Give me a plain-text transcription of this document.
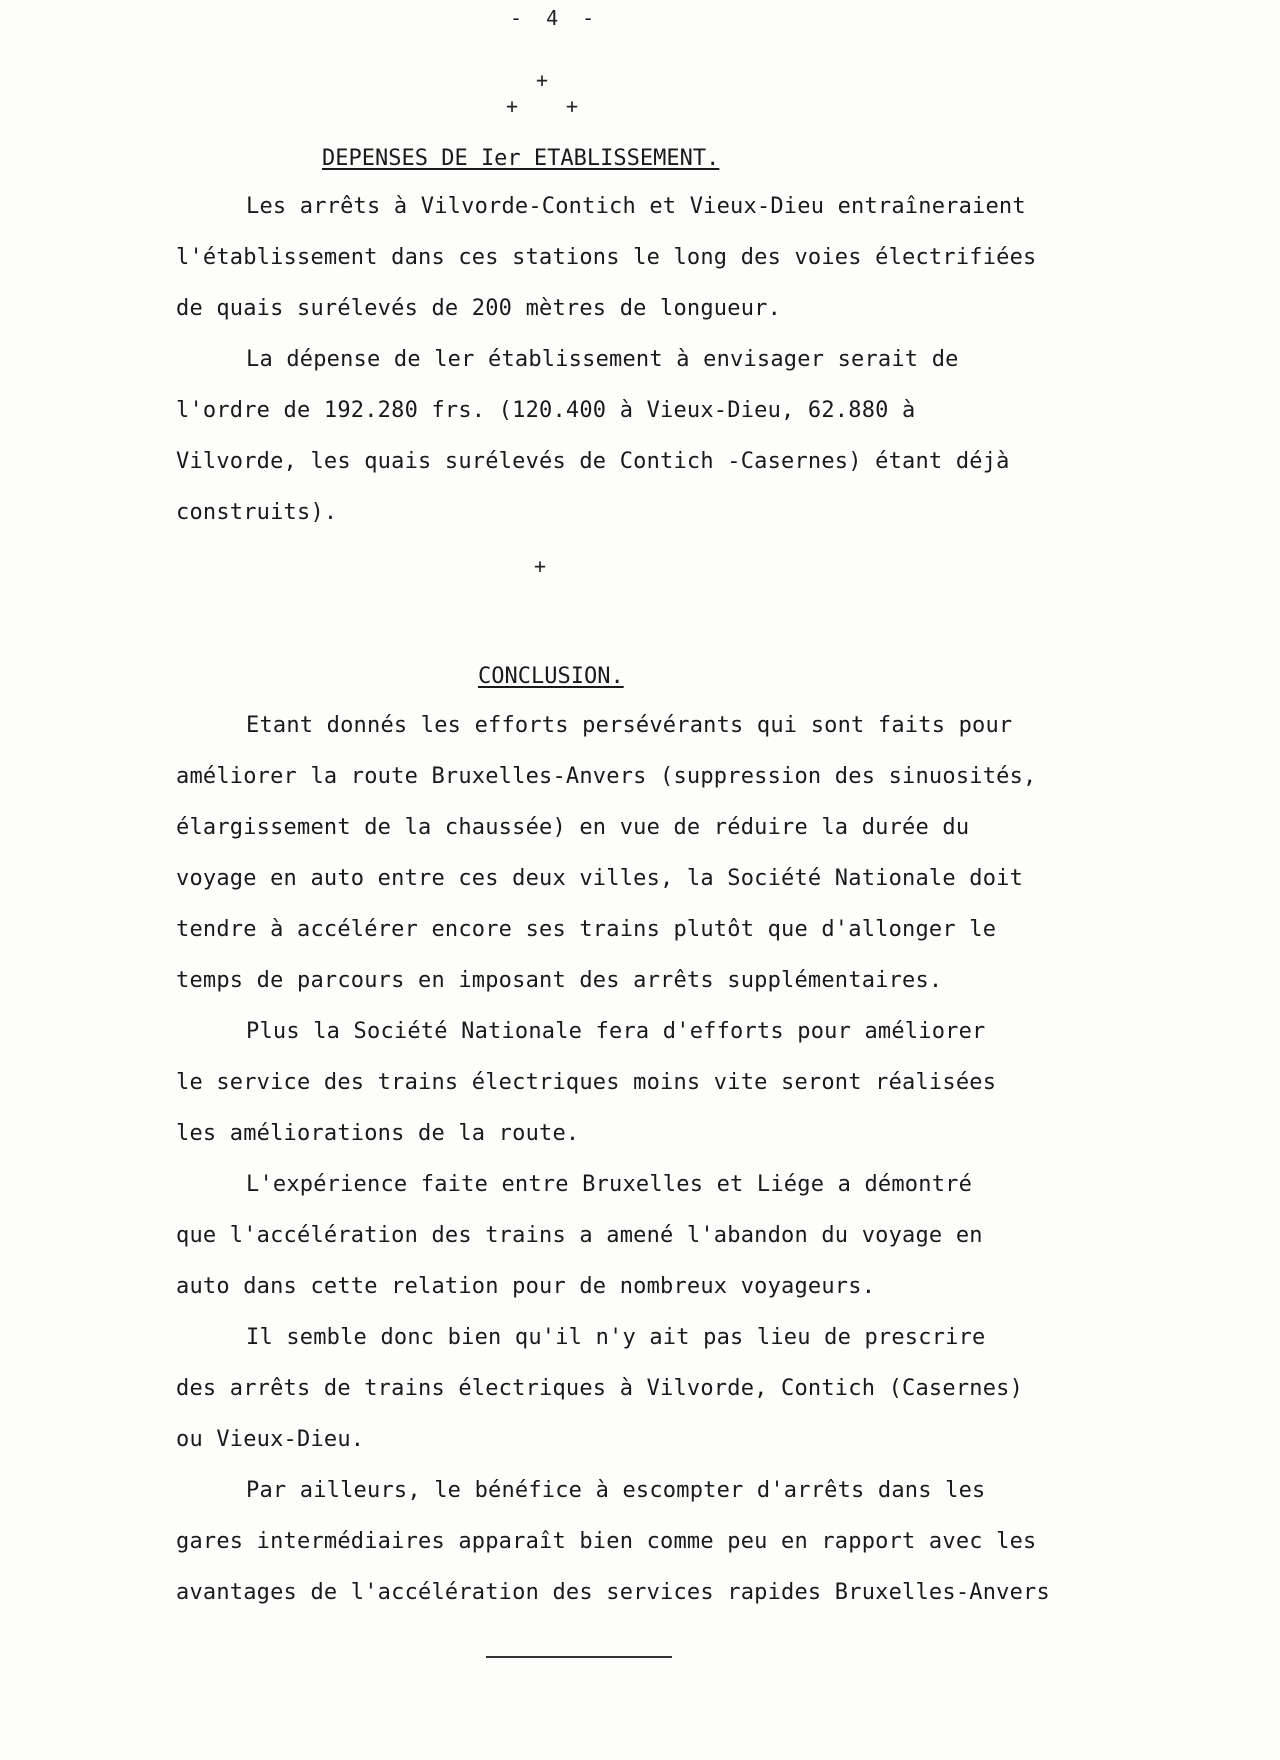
- 4 -
+
+ +
DEPENSES DE Ier ETABLISSEMENT.
Les arrêts à Vilvorde-Contich et Vieux-Dieu entraîneraient
l'établissement dans ces stations le long des voies électrifiées
de quais surélevés de 200 mètres de longueur.
La dépense de ler établissement à envisager serait de
l'ordre de 192.280 frs. (120.400 à Vieux-Dieu, 62.880 à
Vilvorde, les quais surélevés de Contich -Casernes) étant déjà
construits).
+
CONCLUSION.
Etant donnés les efforts persévérants qui sont faits pour
améliorer la route Bruxelles-Anvers (suppression des sinuosités,
élargissement de la chaussée) en vue de réduire la durée du
voyage en auto entre ces deux villes, la Société Nationale doit
tendre à accélérer encore ses trains plutôt que d'allonger le
temps de parcours en imposant des arrêts supplémentaires.
Plus la Société Nationale fera d'efforts pour améliorer
le service des trains électriques moins vite seront réalisées
les améliorations de la route.
L'expérience faite entre Bruxelles et Liége a démontré
que l'accélération des trains a amené l'abandon du voyage en
auto dans cette relation pour de nombreux voyageurs.
Il semble donc bien qu'il n'y ait pas lieu de prescrire
des arrêts de trains électriques à Vilvorde, Contich (Casernes)
ou Vieux-Dieu.
Par ailleurs, le bénéfice à escompter d'arrêts dans les
gares intermédiaires apparaît bien comme peu en rapport avec les
avantages de l'accélération des services rapides Bruxelles-Anvers
